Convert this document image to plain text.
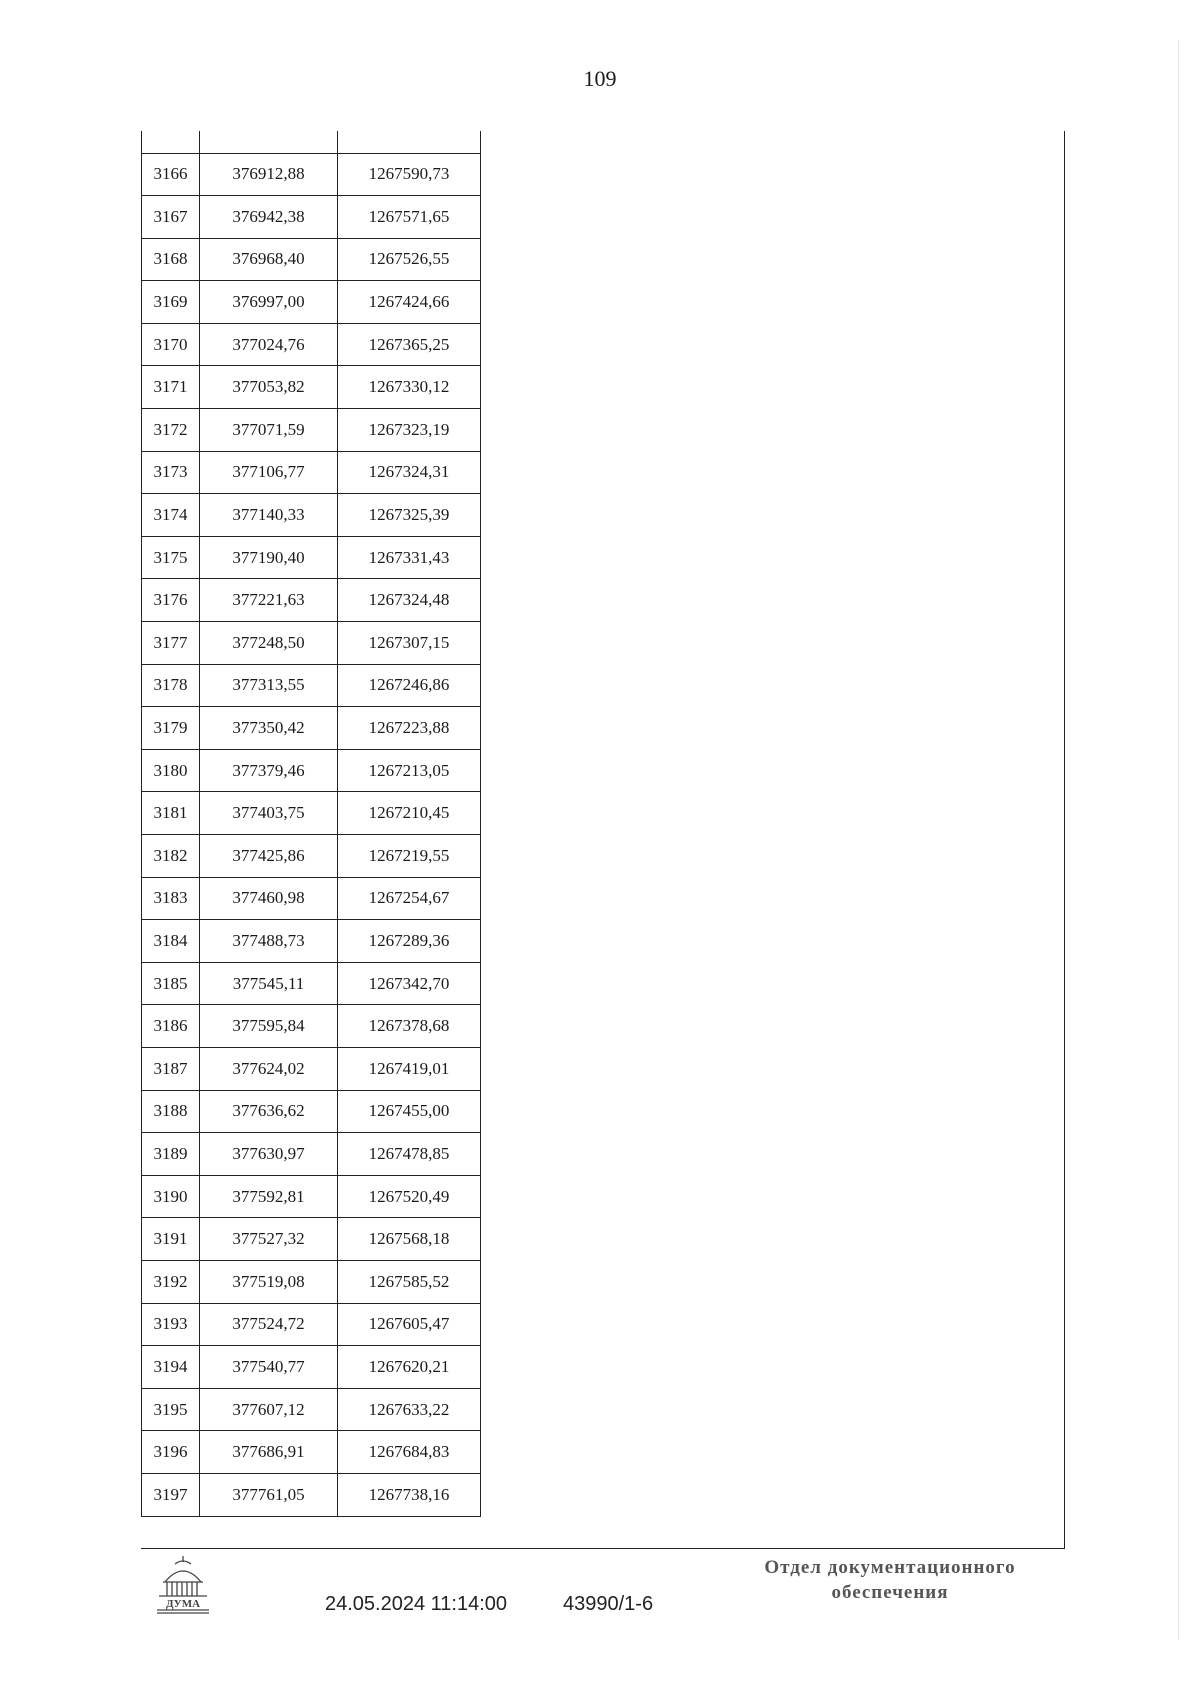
109

3166	376912,88	1267590,73
3167	376942,38	1267571,65
3168	376968,40	1267526,55
3169	376997,00	1267424,66
3170	377024,76	1267365,25
3171	377053,82	1267330,12
3172	377071,59	1267323,19
3173	377106,77	1267324,31
3174	377140,33	1267325,39
3175	377190,40	1267331,43
3176	377221,63	1267324,48
3177	377248,50	1267307,15
3178	377313,55	1267246,86
3179	377350,42	1267223,88
3180	377379,46	1267213,05
3181	377403,75	1267210,45
3182	377425,86	1267219,55
3183	377460,98	1267254,67
3184	377488,73	1267289,36
3185	377545,11	1267342,70
3186	377595,84	1267378,68
3187	377624,02	1267419,01
3188	377636,62	1267455,00
3189	377630,97	1267478,85
3190	377592,81	1267520,49
3191	377527,32	1267568,18
3192	377519,08	1267585,52
3193	377524,72	1267605,47
3194	377540,77	1267620,21
3195	377607,12	1267633,22
3196	377686,91	1267684,83
3197	377761,05	1267738,16
ДУМА	24.05.2024 11:14:00	43990/1-6
Отдел документационного
обеспечения
